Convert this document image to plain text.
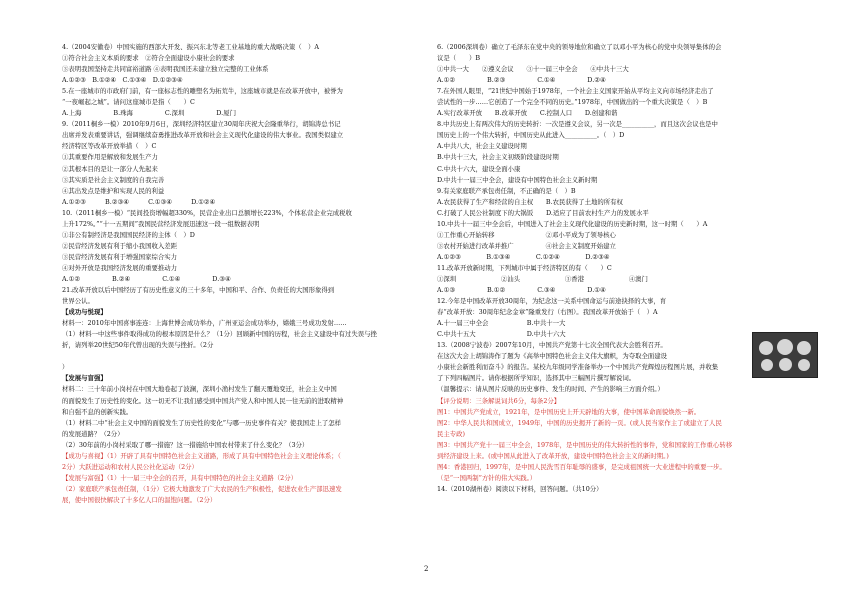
4.（2004安徽卷）中国实施的西部大开发、振兴东北等老工业基地的重大战略决策（　）A
①符合社会主义本质的要求　②符合全面建设小康社会的要求
③表明我国坚持走共同富裕道路 ④表明我国还未建立独立完整的工业体系
A.①②③　B.①②④　C.①③④　D.①②③④
5.在一座城市的市政府门前，有一座标志性的雕塑名为拓荒牛，这座城市就是在改革开放中，被誉为
“一夜崛起之城”。请问这座城市是指（　　）C
A.上海　　　　　B.珠海　　　　　C.深圳　　　　　D.厦门
9.（2011桐乡一模）2010年9月6日，深圳经济特区建立30周年庆祝大会隆重举行，胡锦涛总书记
出席并发表重要讲话，强调继续奋勇推进改革开放和社会主义现代化建设的伟大事业。我国类似建立
经济特区等改革开放举措（　）C
①其重要作用是解放和发展生产力
②其根本目的是让一部分人先起来
③其实质是社会主义制度的自我完善
④其出发点是维护和实现人民的利益
A.①②③　　　B.②③④　　　C.①③④　　　D.①②④
10.（2011桐乡一模）“民间投资增幅超330%，民营企业出口总额增长223%，个体私营企业完成税收
上升172%。”“十一五期间”我国民营经济发展迅速这一段一组数据表明
①非公有制经济是我国国民经济的主体（　）D
②民营经济发展有利于缩小我国收入差距
③民营经济发展有利于增强国家综合实力
④对外开放是我国经济发展的重要推动力
A.①②　　　　　B.②④　　　　　C.①④　　　　　D.③④
21.改革开放以后中国经历了有历史性意义的三十多年，中国和平、合作、负责任的大国形象得到
世界公认。
【成功与悦现】
材料一：2010年中国喜事连连：上海世博会成功举办，广州亚运会成功举办，嫦娥三号成功发射……
（1）材料一中这些事件取得成功的根本原因是什么？（1分）回顾新中国的历程，社会主义建设中有过失误与挫
折，请列举20世纪50年代曾出现的失误与挫折。（2分
）
【发展与盲强】
材料二：三十年前小岗村在中国大地卷起了波澜，深圳小渔村发生了翻天覆地变迁，社会主义中国
的面貌发生了历史性的变化。这一切无不让我们感受到中国共产党人和中国人民一往无前的进取精神
和自强不息的创新实践。
（1）材料二中“社会主义中国的面貌发生了历史性的变化”与哪一历史事件有关？使我国走上了怎样
的发展道路？（2分）
（2）30年前的小岗村采取了哪一措施？这一措施给中国农村带来了什么变化？（3分）
【成功与喜视】（1）开辟了具有中国特色社会主义道路，形成了具有中国特色社会主义理论体系；（
2分）大跃进运动和农村人民公社化运动（2分）
【发展与富强】（1）十一届三中全会的召开，具有中国特色的社会主义道路（2分）
（2）家庭联产承包责任制，（1分）它极大地激发了广大农民的生产积极性，促进农业生产部迅速发
展，使中国很快解决了十多亿人口的温饱问题。（2分）
6.（2006深圳卷）确立了毛泽东在党中央的领导地位和确立了以邓小平为核心的党中央领导集体的会
议是（　　）B
①中共一大　　②遵义会议　　③十一届三中全会　　④中共十三大
A.①②　　　　　B.②③　　　　　C.①④　　　　　D.②④
7.在外国人眼里，“21世纪中国始于1978年，一个社会主义国家开始从平均主义向市场经济走出了
尝试性的一步……它创造了一个完全不同的历史。”1978年，中国做出的一个重大决策是（　）B
A.实行改革开放　　B.改革开放　　C.控制人口　　D.创建和谐
8.中共历史上有两次伟大的历史转折：一次是遵义会议，另一次是__________，而且这次会议也是中
国历史上的一个伟大转折，中国历史从此进入__________。（　）D
A.中共八大，社会主义建设时期
B.中共十三大，社会主义初级阶段建设时期
C.中共十六大，建设全面小康
D.中共十一届三中全会，建设有中国特色社会主义新时期
9.有关家庭联产承包责任制，不正确的是（　）B
A.农民获得了生产和经营的自主权　　B.农民获得了土地的所有权
C.打破了人民公社制度下的大锅饭　　D.适应了目前农村生产力的发展水平
10.中共十一届三中全会后，中国进入了社会主义现代化建设的历史新时期，这一时期（　　）A
①工作重心开始转移　　　　　　　　②邓小平成为了领导核心
③农村开始进行改革并推广　　　　　④社会主义制度开始建立
A.①②③　　　　B.①③④　　　　C.①②④　　　　D.②③④
11.改革开放新时期，下列城市中属于经济特区的有（　　）C
①深圳　　　　　　　②汕头　　　　　　　③香港　　　　　　　④澳门
A.①③　　　　　B.①②　　　　　C.③④　　　　　D.①④
12.今年是中国改革开放30周年，为纪念这一关系中国命运与前途抉择的大事，育
春“改革开放：30周年纪念金章”隆重发行（右图）。我国改革开放始于（　）A
A.十一届三中全会　　　　　　B.中共十一大
C.中共十五大　　　　　　　　D.中共十六大
13.（2008宁波卷）2007年10月，中国共产党第十七次全国代表大会胜利召开。
在这次大会上胡锦涛作了题为《高举中国特色社会主义伟大旗帜，为夺取全面建设
小康社会新胜利而奋斗》的报告。某校九年级同学准备举办一个中国共产党辉煌历程图片展，并收集
了下列四幅图片。请你根据所学知识，选择其中三幅图片撰写解说词。
（温馨提示：请从图片反映的历史事件、发生的时间、产生的影响三方面介绍。）
【评分说明：三条解说词共6分，每条2分】
图1：中国共产党成立，1921年，是中国历史上开天辟地的大事，使中国革命面貌焕然一新。
图2：中华人民共和国成立，1949年，中国的历史揭开了新的一页。(或人民当家作主了或建立了人民
民主专政)
图3：中国共产党十一届三中全会，1978年，是中国历史的伟大转折性的事件，党和国家的工作重心转移
到经济建设上来。(或中国从此进入了改革开放，建设中国特色社会主义的新时期。)
图4：香港回归，1997年，是中国人民洗雪百年耻辱的盛事，是完成祖国统一大业进程中的重要一步。
（是“一国两制”方针的伟大实践。）
14.（2010湖州卷）阅读以下材料，回答问题。（共10分）
2
